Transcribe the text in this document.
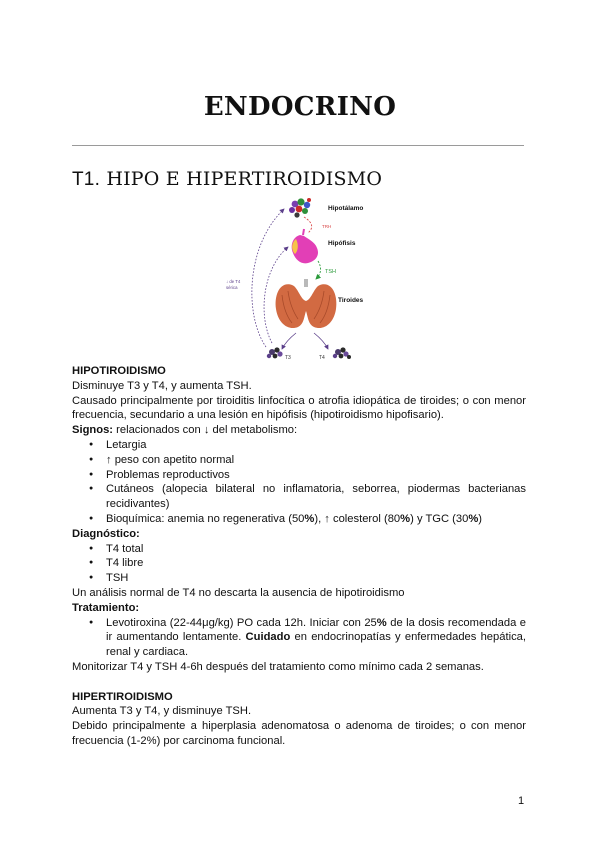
ENDOCRINO
T1. HIPO E HIPERTIROIDISMO
Hipotálamo
TRH
Hipófisis
TSH
Tiroides
T3	T4
↓ de T4
sérica

HIPOTIROIDISMO

Disminuye T3 y T4, y aumenta TSH.

Causado principalmente por tiroiditis linfocítica o atrofia idiopática de tiroides; o con menor frecuencia, secundario a una lesión en hipófisis (hipotiroidismo hipofisario).

Signos: relacionados con ↓ del metabolismo:

● Letargia
● ↑ peso con apetito normal
● Problemas reproductivos
● Cutáneos (alopecia bilateral no inflamatoria, seborrea, piodermas bacterianas recidivantes)
● Bioquímica: anemia no regenerativa (50%), ↑ colesterol (80%) y TGC (30%)

Diagnóstico:

● T4 total
● T4 libre
● TSH

Un análisis normal de T4 no descarta la ausencia de hipotiroidismo

Tratamiento:

● Levotiroxina (22-44μg/kg) PO cada 12h. Iniciar con 25% de la dosis recomendada e ir aumentando lentamente. Cuidado en endocrinopatías y enfermedades hepática, renal y cardiaca.

Monitorizar T4 y TSH 4-6h después del tratamiento como mínimo cada 2 semanas.

HIPERTIROIDISMO

Aumenta T3 y T4, y disminuye TSH.

Debido principalmente a hiperplasia adenomatosa o adenoma de tiroides; o con menor frecuencia (1-2%) por carcinoma funcional.

1
